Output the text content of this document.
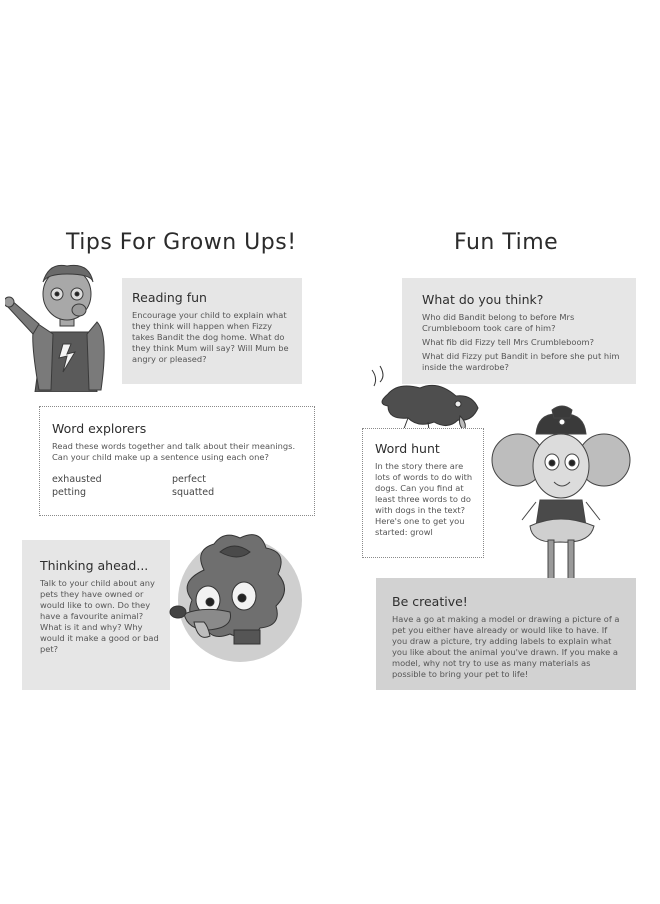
Tips For Grown Ups!
Reading fun

Encourage your child to explain what they think will happen when Fizzy takes Bandit the dog home. What do they think Mum will say? Will Mum be angry or pleased?

Word explorers

Read these words together and talk about their meanings. Can your child make up a sentence using each one?

exhausted	perfect
petting	squatted
Thinking ahead...

Talk to your child about any pets they have owned or would like to own. Do they have a favourite animal? What is it and why? Why would it make a good or bad pet?

Fun Time
What do you think?

Who did Bandit belong to before Mrs Crumbleboom took care of him?

What fib did Fizzy tell Mrs Crumbleboom?

What did Fizzy put Bandit in before she put him inside the wardrobe?

Word hunt

In the story there are lots of words to do with dogs. Can you find at least three words to do with dogs in the text? Here's one to get you started: growl

Be creative!

Have a go at making a model or drawing a picture of a pet you either have already or would like to have. If you draw a picture, try adding labels to explain what you like about the animal you've drawn. If you make a model, why not try to use as many materials as possible to bring your pet to life!
